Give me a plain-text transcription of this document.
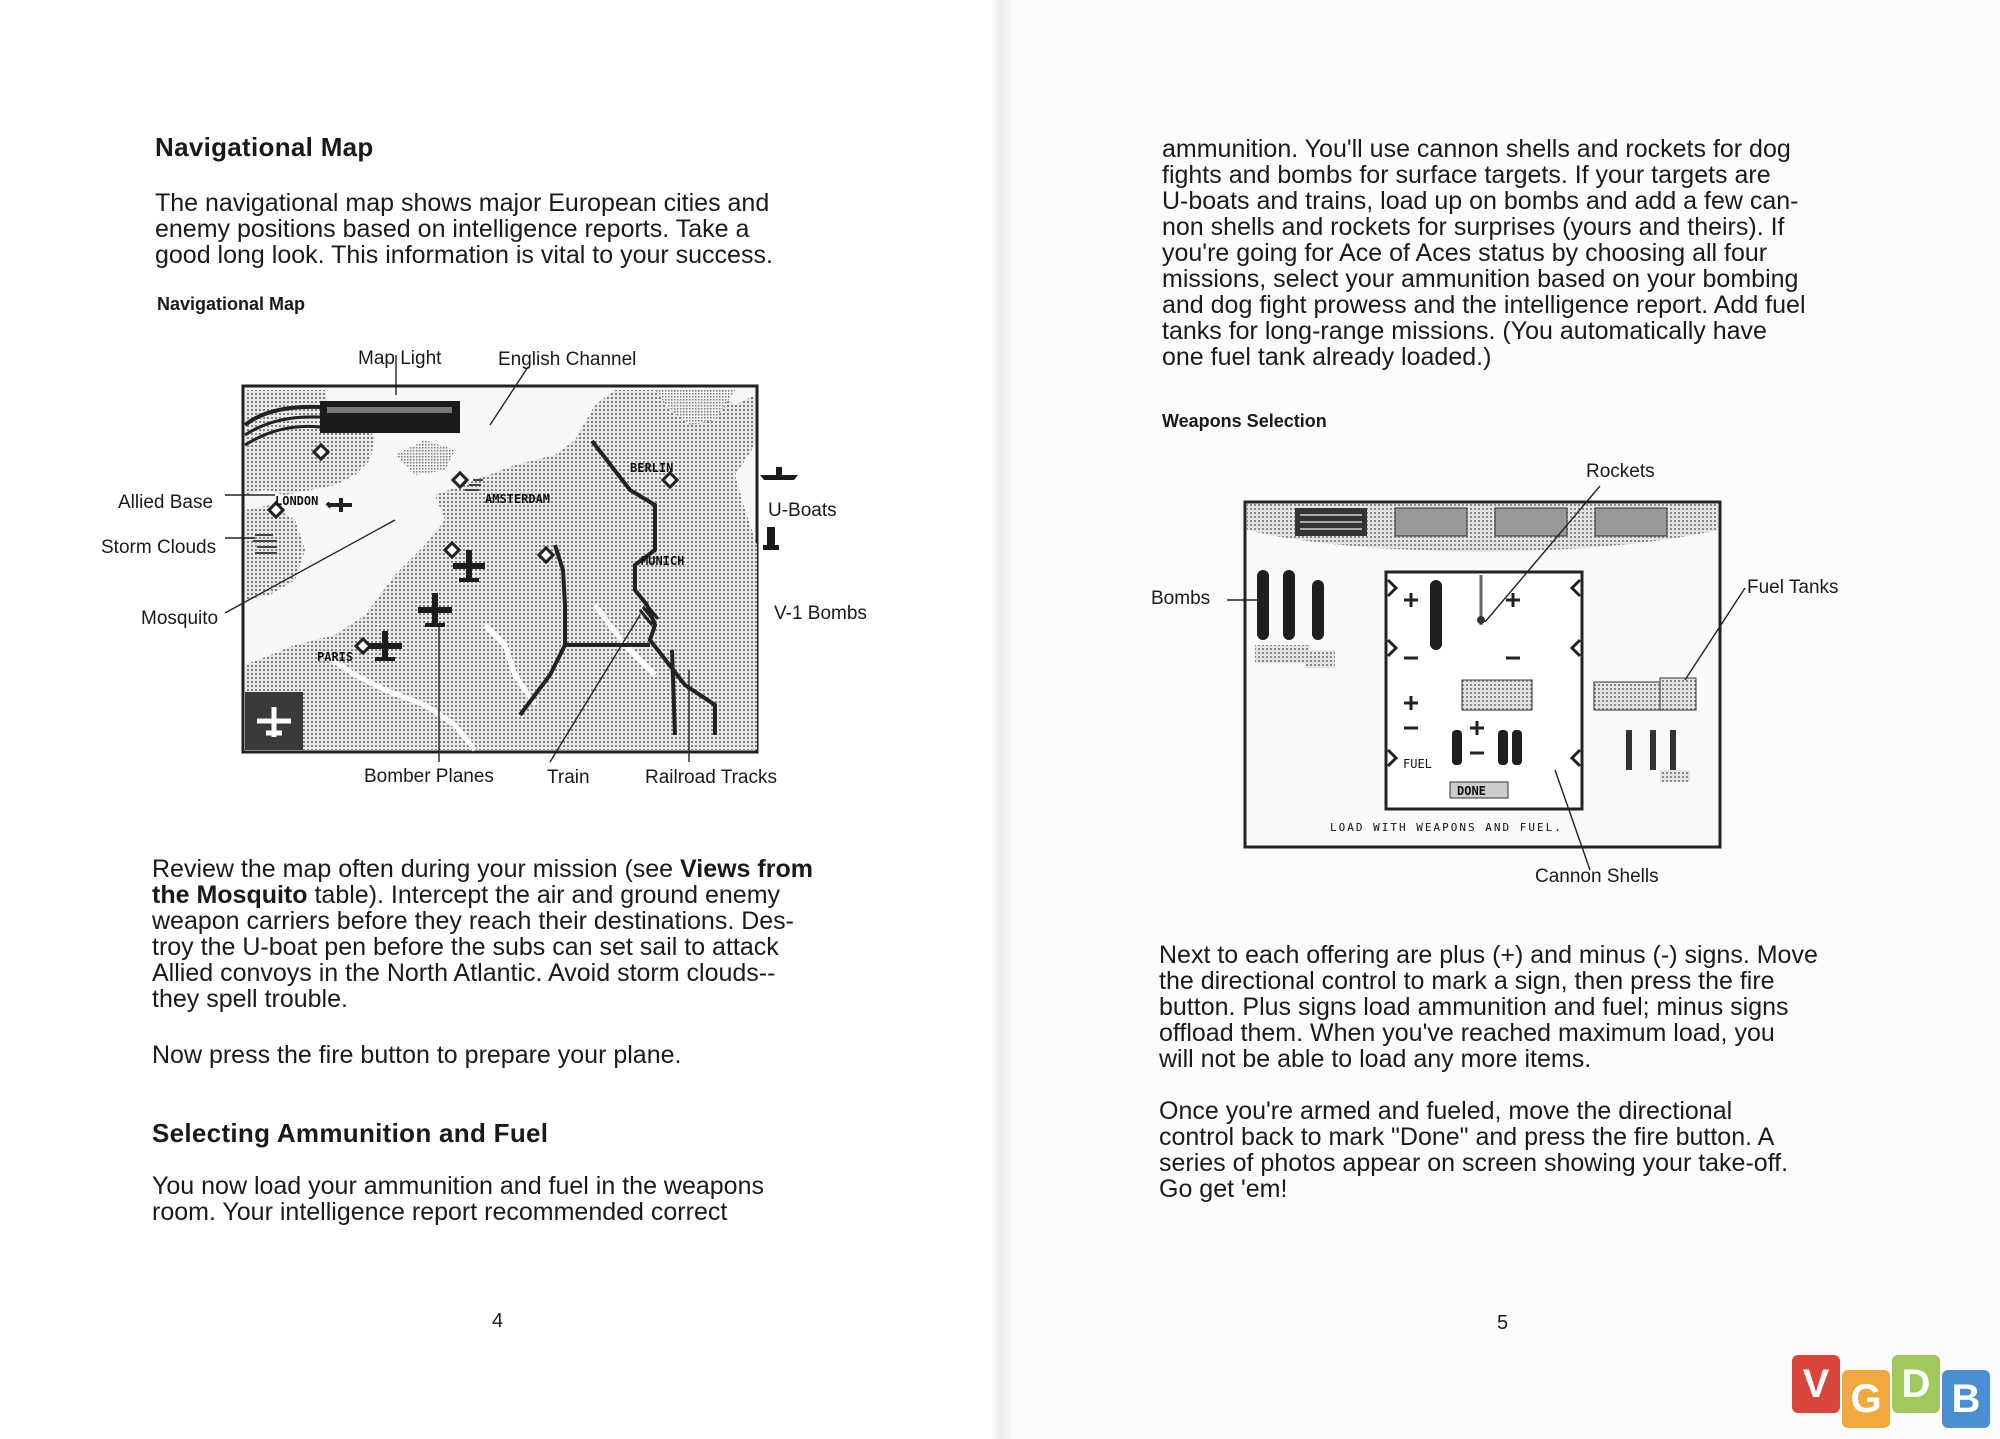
Navigational Map
The navigational map shows major European cities and
enemy positions based on intelligence reports. Take a
good long look. This information is vital to your success.
Navigational Map
LONDON	AMSTERDAM
BERLIN
MUNICH
PARIS
Map Light	English Channel
Allied Base
Storm Clouds
Mosquito
U-Boats
V-1 Bombs
Bomber Planes	Train	Railroad Tracks
Review the map often during your mission (see Views from
the Mosquito table). Intercept the air and ground enemy
weapon carriers before they reach their destinations. Des-
troy the U-boat pen before the subs can set sail to attack
Allied convoys in the North Atlantic. Avoid storm clouds--
they spell trouble.
Now press the fire button to prepare your plane.
Selecting Ammunition and Fuel
You now load your ammunition and fuel in the weapons
room. Your intelligence report recommended correct
4
ammunition. You'll use cannon shells and rockets for dog
fights and bombs for surface targets. If your targets are
U-boats and trains, load up on bombs and add a few can-
non shells and rockets for surprises (yours and theirs). If
you're going for Ace of Aces status by choosing all four
missions, select your ammunition based on your bombing
and dog fight prowess and the intelligence report. Add fuel
tanks for long-range missions. (You automatically have
one fuel tank already loaded.)
Weapons Selection
FUEL
DONE
LOAD WITH WEAPONS AND FUEL.
Rockets
Bombs
Fuel Tanks
Cannon Shells
Next to each offering are plus (+) and minus (-) signs. Move
the directional control to mark a sign, then press the fire
button. Plus signs load ammunition and fuel; minus signs
offload them. When you've reached maximum load, you
will not be able to load any more items.
Once you're armed and fueled, move the directional
control back to mark "Done" and press the fire button. A
series of photos appear on screen showing your take-off.
Go get 'em!
5
V G D B
